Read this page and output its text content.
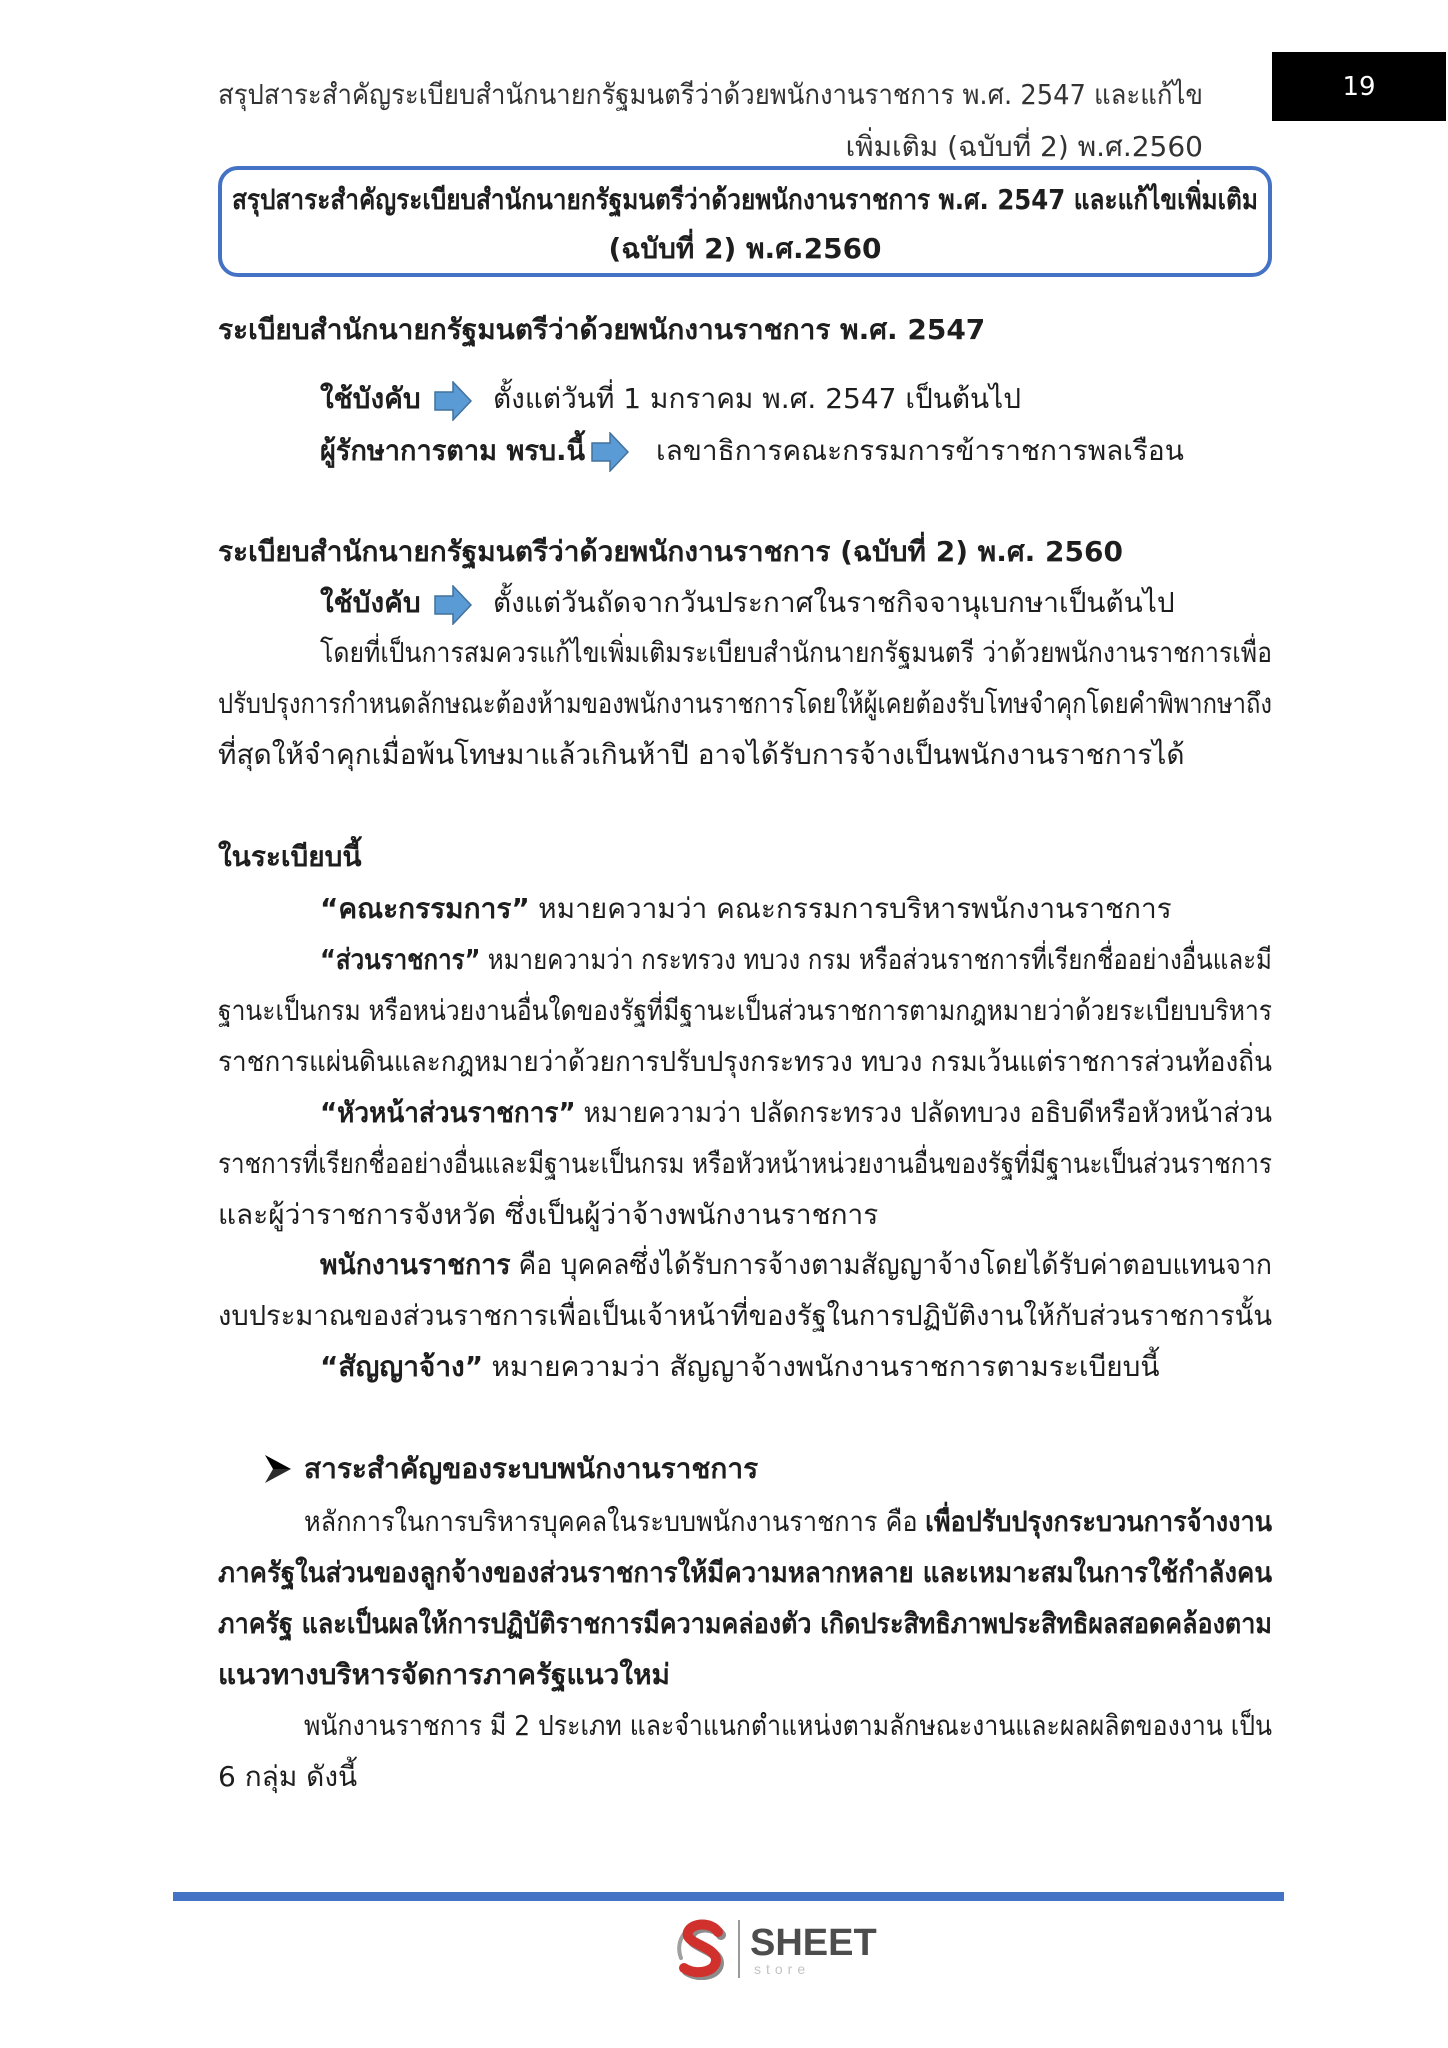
สรุปสาระสำคัญระเบียบสำนักนายกรัฐมนตรีว่าด้วยพนักงานราชการ พ.ศ. 2547 และแก้ไข
เพิ่มเติม (ฉบับที่ 2) พ.ศ.2560
19
สรุปสาระสำคัญระเบียบสำนักนายกรัฐมนตรีว่าด้วยพนักงานราชการ พ.ศ. 2547 และแก้ไขเพิ่มเติม
(ฉบับที่ 2) พ.ศ.2560
ระเบียบสำนักนายกรัฐมนตรีว่าด้วยพนักงานราชการ พ.ศ. 2547
ใช้บังคับ	ตั้งแต่วันที่ 1 มกราคม พ.ศ. 2547 เป็นต้นไป
ผู้รักษาการตาม พรบ.นี้	เลขาธิการคณะกรรมการข้าราชการพลเรือน
ระเบียบสำนักนายกรัฐมนตรีว่าด้วยพนักงานราชการ (ฉบับที่ 2) พ.ศ. 2560
ใช้บังคับ	ตั้งแต่วันถัดจากวันประกาศในราชกิจจานุเบกษาเป็นต้นไป
โดยที่เป็นการสมควรแก้ไขเพิ่มเติมระเบียบสำนักนายกรัฐมนตรี ว่าด้วยพนักงานราชการเพื่อ
ปรับปรุงการกำหนดลักษณะต้องห้ามของพนักงานราชการโดยให้ผู้เคยต้องรับโทษจำคุกโดยคำพิพากษาถึง
ที่สุดให้จำคุกเมื่อพ้นโทษมาแล้วเกินห้าปี อาจได้รับการจ้างเป็นพนักงานราชการได้
ในระเบียบนี้
“คณะกรรมการ” หมายความว่า คณะกรรมการบริหารพนักงานราชการ
“ส่วนราชการ” หมายความว่า กระทรวง ทบวง กรม หรือส่วนราชการที่เรียกชื่ออย่างอื่นและมี
ฐานะเป็นกรม หรือหน่วยงานอื่นใดของรัฐที่มีฐานะเป็นส่วนราชการตามกฎหมายว่าด้วยระเบียบบริหาร
ราชการแผ่นดินและกฎหมายว่าด้วยการปรับปรุงกระทรวง ทบวง กรมเว้นแต่ราชการส่วนท้องถิ่น
“หัวหน้าส่วนราชการ” หมายความว่า ปลัดกระทรวง ปลัดทบวง อธิบดีหรือหัวหน้าส่วน
ราชการที่เรียกชื่ออย่างอื่นและมีฐานะเป็นกรม หรือหัวหน้าหน่วยงานอื่นของรัฐที่มีฐานะเป็นส่วนราชการ
และผู้ว่าราชการจังหวัด ซึ่งเป็นผู้ว่าจ้างพนักงานราชการ
พนักงานราชการ คือ บุคคลซึ่งได้รับการจ้างตามสัญญาจ้างโดยได้รับค่าตอบแทนจาก
งบประมาณของส่วนราชการเพื่อเป็นเจ้าหน้าที่ของรัฐในการปฏิบัติงานให้กับส่วนราชการนั้น
“สัญญาจ้าง” หมายความว่า สัญญาจ้างพนักงานราชการตามระเบียบนี้
สาระสำคัญของระบบพนักงานราชการ
หลักการในการบริหารบุคคลในระบบพนักงานราชการ คือ เพื่อปรับปรุงกระบวนการจ้างงาน
ภาครัฐในส่วนของลูกจ้างของส่วนราชการให้มีความหลากหลาย และเหมาะสมในการใช้กำลังคน
ภาครัฐ และเป็นผลให้การปฏิบัติราชการมีความคล่องตัว เกิดประสิทธิภาพประสิทธิผลสอดคล้องตาม
แนวทางบริหารจัดการภาครัฐแนวใหม่
พนักงานราชการ มี 2 ประเภท และจำแนกตำแหน่งตามลักษณะงานและผลผลิตของงาน เป็น
6 กลุ่ม ดังนี้
SHEET
store
